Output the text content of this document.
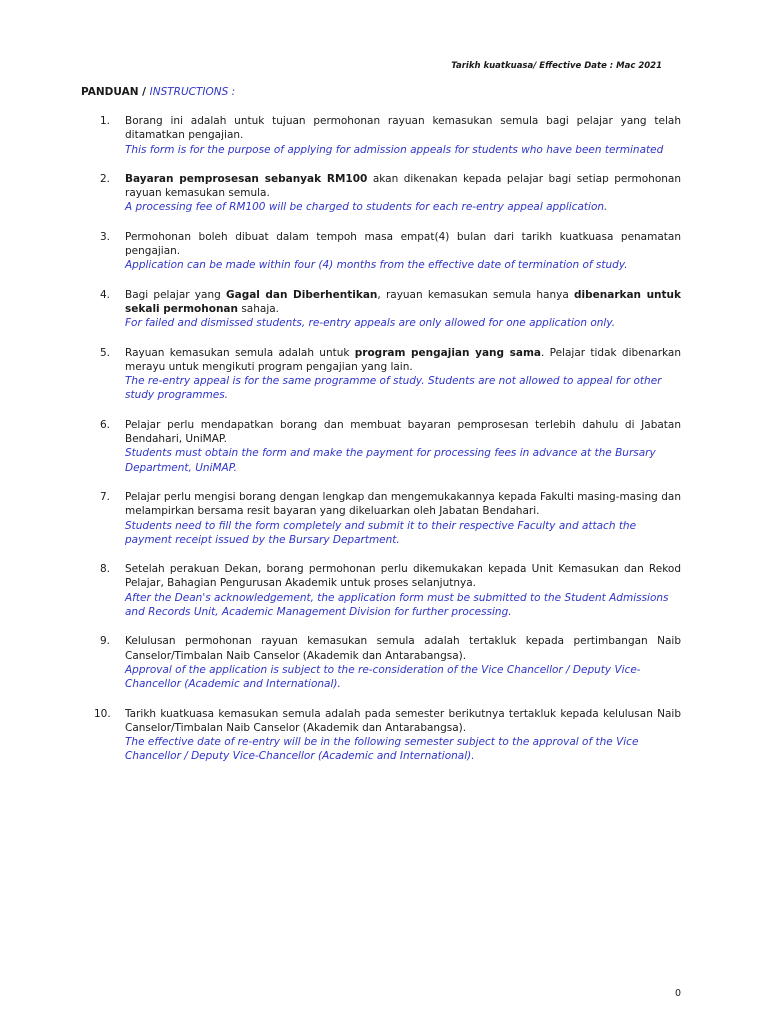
Tarikh kuatkuasa/ Effective Date : Mac 2021
PANDUAN / INSTRUCTIONS :
1.	Borang ini adalah untuk tujuan permohonan rayuan kemasukan semula bagi pelajar yang telah ditamatkan pengajian.
This form is for the purpose of applying for admission appeals for students who have been terminated
2.	Bayaran pemprosesan sebanyak RM100 akan dikenakan kepada pelajar bagi setiap permohonan rayuan kemasukan semula.
A processing fee of RM100 will be charged to students for each re-entry appeal application.
3.	Permohonan boleh dibuat dalam tempoh masa empat(4) bulan dari tarikh kuatkuasa penamatan pengajian.
Application can be made within four (4) months from the effective date of termination of study.
4.	Bagi pelajar yang Gagal dan Diberhentikan, rayuan kemasukan semula hanya dibenarkan untuk sekali permohonan sahaja.
For failed and dismissed students, re-entry appeals are only allowed for one application only.
5.	Rayuan kemasukan semula adalah untuk program pengajian yang sama. Pelajar tidak dibenarkan merayu untuk mengikuti program pengajian yang lain.
The re-entry appeal is for the same programme of study. Students are not allowed to appeal for other study programmes.
6.	Pelajar perlu mendapatkan borang dan membuat bayaran pemprosesan terlebih dahulu di Jabatan Bendahari, UniMAP.
Students must obtain the form and make the payment for processing fees in advance at the Bursary Department, UniMAP.
7.	Pelajar perlu mengisi borang dengan lengkap dan mengemukakannya kepada Fakulti masing-masing dan melampirkan bersama resit bayaran yang dikeluarkan oleh Jabatan Bendahari.
Students need to fill the form completely and submit it to their respective Faculty and attach the payment receipt issued by the Bursary Department.
8.	Setelah perakuan Dekan, borang permohonan perlu dikemukakan kepada Unit Kemasukan dan Rekod Pelajar, Bahagian Pengurusan Akademik untuk proses selanjutnya.
After the Dean's acknowledgement, the application form must be submitted to the Student Admissions and Records Unit, Academic Management Division for further processing.
9.	Kelulusan permohonan rayuan kemasukan semula adalah tertakluk kepada pertimbangan Naib Canselor/Timbalan Naib Canselor (Akademik dan Antarabangsa).
Approval of the application is subject to the re-consideration of the Vice Chancellor / Deputy Vice-Chancellor (Academic and International).
10.	Tarikh kuatkuasa kemasukan semula adalah pada semester berikutnya tertakluk kepada kelulusan Naib Canselor/Timbalan Naib Canselor (Akademik dan Antarabangsa).
The effective date of re-entry will be in the following semester subject to the approval of the Vice Chancellor / Deputy Vice-Chancellor (Academic and International).
0
